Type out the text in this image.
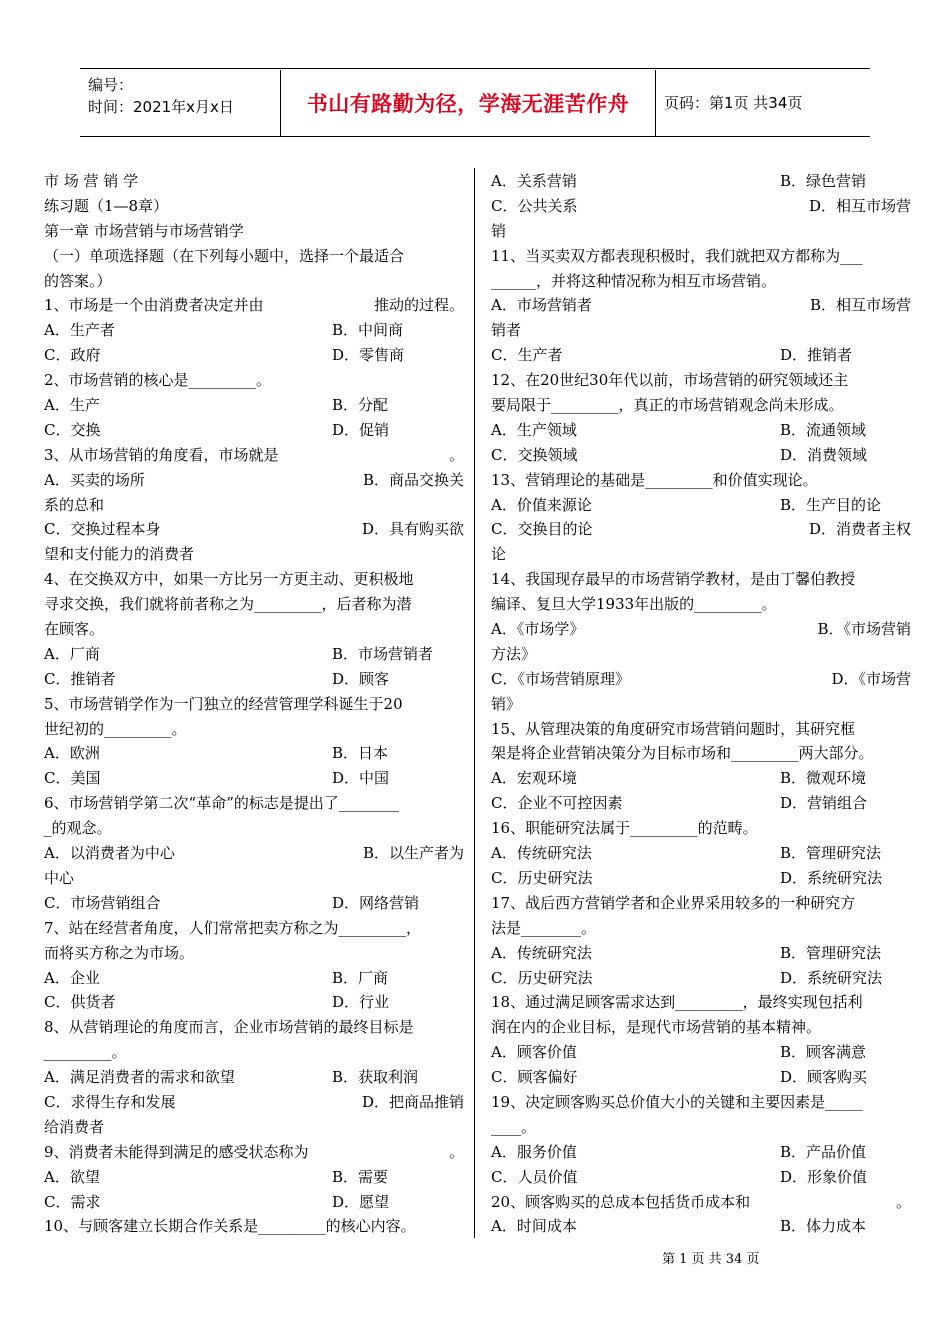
编号：
时间：2021年x月x日	书山有路勤为径，学海无涯苦作舟	页码：第1页 共34页
市 场 营 销 学
练习题（1—8章）
第一章 市场营销与市场营销学
（一）单项选择题（在下列每小题中，选择一个最适合
的答案。）
1、市场是一个由消费者决定并由	推动的过程。
A．生产者	B．中间商
C．政府	D．零售商
2、市场营销的核心是_________。
A．生产	B．分配
C．交换	D．促销
3、从市场营销的角度看，市场就是	。
A．买卖的场所	B．商品交换关
系的总和
C．交换过程本身	D．具有购买欲
望和支付能力的消费者
4、在交换双方中，如果一方比另一方更主动、更积极地
寻求交换，我们就将前者称之为_________，后者称为潜
在顾客。
A．厂商	B．市场营销者
C．推销者	D．顾客
5、市场营销学作为一门独立的经营管理学科诞生于20
世纪初的_________。
A．欧洲	B．日本
C．美国	D．中国
6、市场营销学第二次“革命”的标志是提出了________
_的观念。
A．以消费者为中心	B．以生产者为
中心
C．市场营销组合	D．网络营销
7、站在经营者角度，人们常常把卖方称之为_________，
而将买方称之为市场。
A．企业	B．厂商
C．供货者	D．行业
8、从营销理论的角度而言，企业市场营销的最终目标是
_________。
A．满足消费者的需求和欲望	B．获取利润
C．求得生存和发展	D．把商品推销
给消费者
9、消费者未能得到满足的感受状态称为	。
A．欲望	B．需要
C．需求	D．愿望
10、与顾客建立长期合作关系是_________的核心内容。
A．关系营销	B．绿色营销
C．公共关系	D．相互市场营
销
11、当买卖双方都表现积极时，我们就把双方都称为___
______，并将这种情况称为相互市场营销。
A．市场营销者	B．相互市场营
销者
C．生产者	D．推销者
12、在20世纪30年代以前，市场营销的研究领域还主
要局限于_________，真正的市场营销观念尚未形成。
A．生产领域	B．流通领域
C．交换领域	D．消费领域
13、营销理论的基础是_________和价值实现论。
A．价值来源论	B．生产目的论
C．交换目的论	D．消费者主权
论
14、我国现存最早的市场营销学教材，是由丁馨伯教授
编译、复旦大学1933年出版的_________。
A．《市场学》	B．《市场营销
方法》
C．《市场营销原理》	D．《市场营
销》
15、从管理决策的角度研究市场营销问题时，其研究框
架是将企业营销决策分为目标市场和_________两大部分。
A．宏观环境	B．微观环境
C．企业不可控因素	D．营销组合
16、职能研究法属于_________的范畴。
A．传统研究法	B．管理研究法
C．历史研究法	D．系统研究法
17、战后西方营销学者和企业界采用较多的一种研究方
法是________。
A．传统研究法	B．管理研究法
C．历史研究法	D．系统研究法
18、通过满足顾客需求达到_________，最终实现包括利
润在内的企业目标，是现代市场营销的基本精神。
A．顾客价值	B．顾客满意
C．顾客偏好	D．顾客购买
19、决定顾客购买总价值大小的关键和主要因素是_____
____。
A．服务价值	B．产品价值
C．人员价值	D．形象价值
20、顾客购买的总成本包括货币成本和	。
A．时间成本	B．体力成本
第 1 页 共 34 页
